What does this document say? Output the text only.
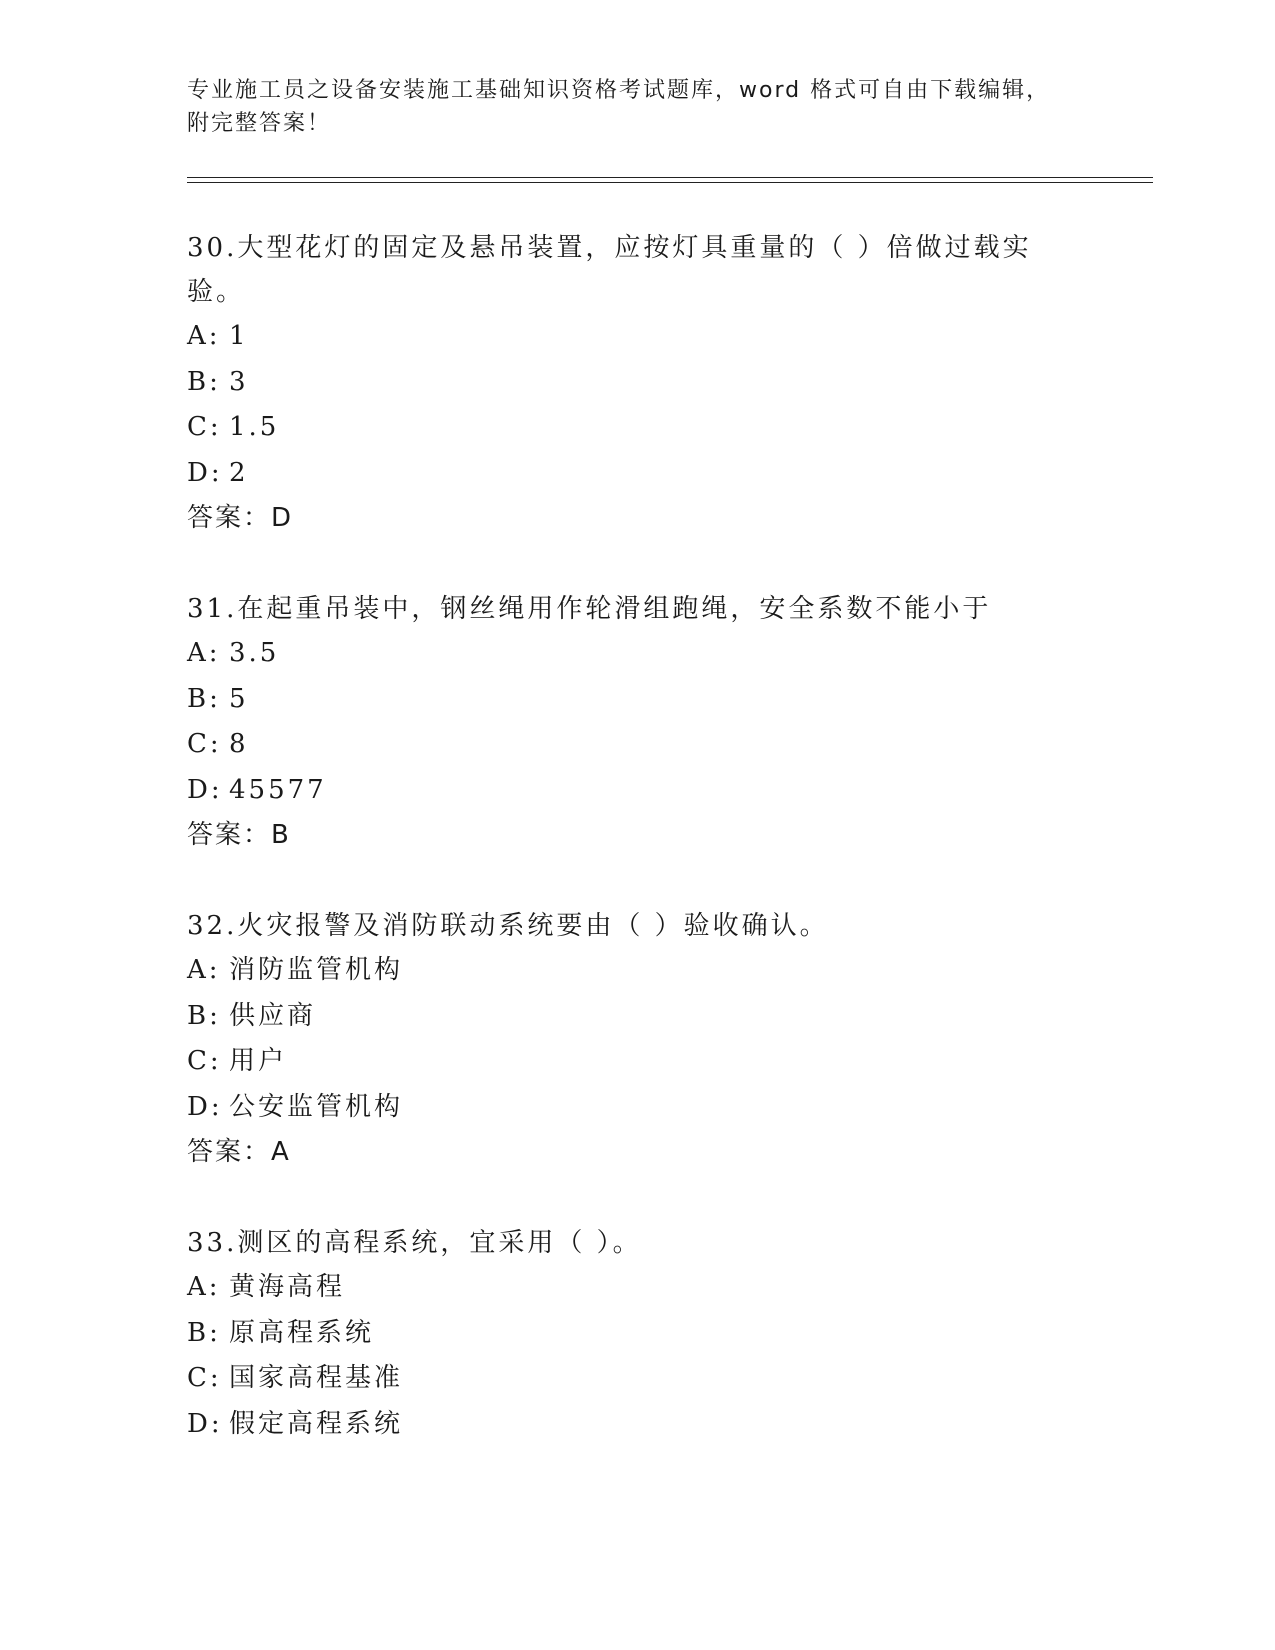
专业施工员之设备安装施工基础知识资格考试题库，word 格式可自由下载编辑，
附完整答案！
30.大型花灯的固定及悬吊装置，应按灯具重量的（ ）倍做过载实验。
A: 1
B: 3
C: 1.5
D: 2
答案：D
31.在起重吊装中，钢丝绳用作轮滑组跑绳，安全系数不能小于
A: 3.5
B: 5
C: 8
D: 45577
答案：B
32.火灾报警及消防联动系统要由（ ）验收确认。
A: 消防监管机构
B: 供应商
C: 用户
D: 公安监管机构
答案：A
33.测区的高程系统，宜采用（ ）。
A: 黄海高程
B: 原高程系统
C: 国家高程基准
D: 假定高程系统
